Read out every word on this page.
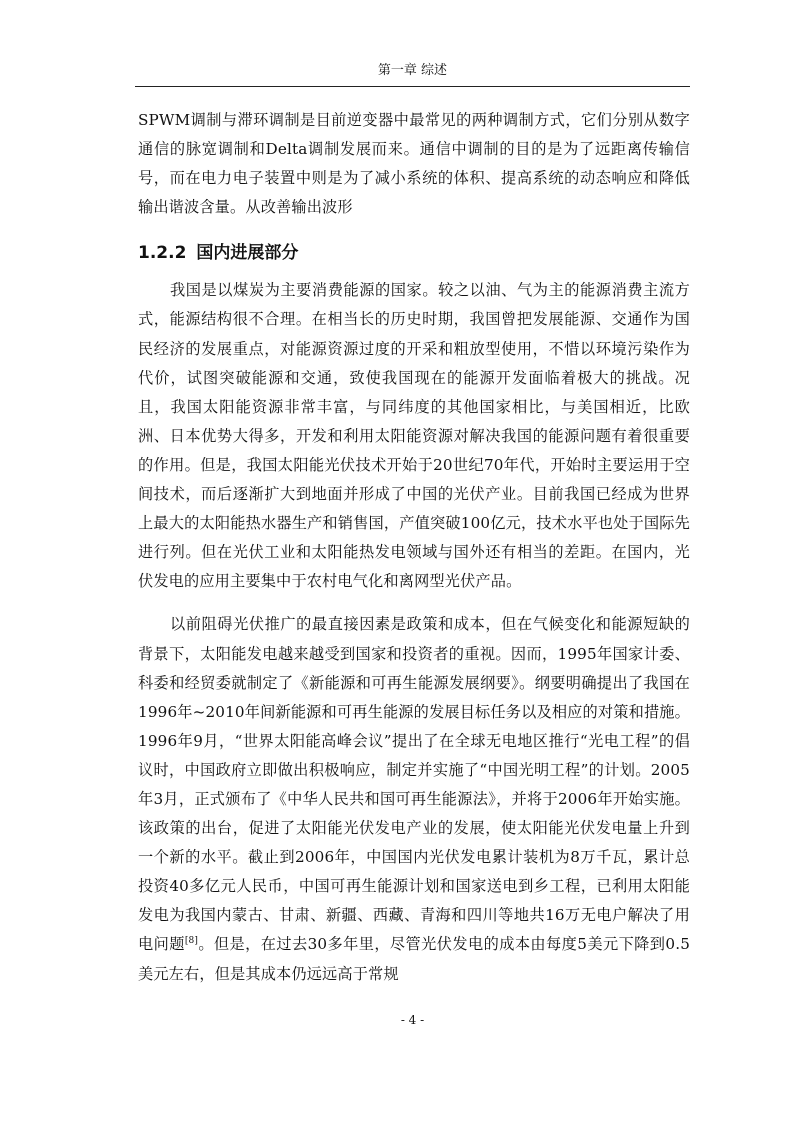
第一章 综述

SPWM调制与滞环调制是目前逆变器中最常见的两种调制方式，它们分别从数字通信的脉宽调制和Delta调制发展而来。通信中调制的目的是为了远距离传输信号，而在电力电子装置中则是为了减小系统的体积、提高系统的动态响应和降低输出谐波含量。从改善输出波形

1.2.2 国内进展部分

我国是以煤炭为主要消费能源的国家。较之以油、气为主的能源消费主流方式，能源结构很不合理。在相当长的历史时期，我国曾把发展能源、交通作为国民经济的发展重点，对能源资源过度的开采和粗放型使用，不惜以环境污染作为代价，试图突破能源和交通，致使我国现在的能源开发面临着极大的挑战。况且，我国太阳能资源非常丰富，与同纬度的其他国家相比，与美国相近，比欧洲、日本优势大得多，开发和利用太阳能资源对解决我国的能源问题有着很重要的作用。但是，我国太阳能光伏技术开始于20世纪70年代，开始时主要运用于空间技术，而后逐渐扩大到地面并形成了中国的光伏产业。目前我国已经成为世界上最大的太阳能热水器生产和销售国，产值突破100亿元，技术水平也处于国际先进行列。但在光伏工业和太阳能热发电领域与国外还有相当的差距。在国内，光伏发电的应用主要集中于农村电气化和离网型光伏产品。

以前阻碍光伏推广的最直接因素是政策和成本，但在气候变化和能源短缺的背景下，太阳能发电越来越受到国家和投资者的重视。因而，1995年国家计委、科委和经贸委就制定了《新能源和可再生能源发展纲要》。纲要明确提出了我国在1996年~2010年间新能源和可再生能源的发展目标任务以及相应的对策和措施。1996年9月，“世界太阳能高峰会议”提出了在全球无电地区推行“光电工程”的倡议时，中国政府立即做出积极响应，制定并实施了“中国光明工程”的计划。2005年3月，正式颁布了《中华人民共和国可再生能源法》，并将于2006年开始实施。该政策的出台，促进了太阳能光伏发电产业的发展，使太阳能光伏发电量上升到一个新的水平。截止到2006年，中国国内光伏发电累计装机为8万千瓦，累计总投资40多亿元人民币，中国可再生能源计划和国家送电到乡工程，已利用太阳能发电为我国内蒙古、甘肃、新疆、西藏、青海和四川等地共16万无电户解决了用电问题[8]。但是，在过去30多年里，尽管光伏发电的成本由每度5美元下降到0.5美元左右，但是其成本仍远远高于常规

- 4 -
